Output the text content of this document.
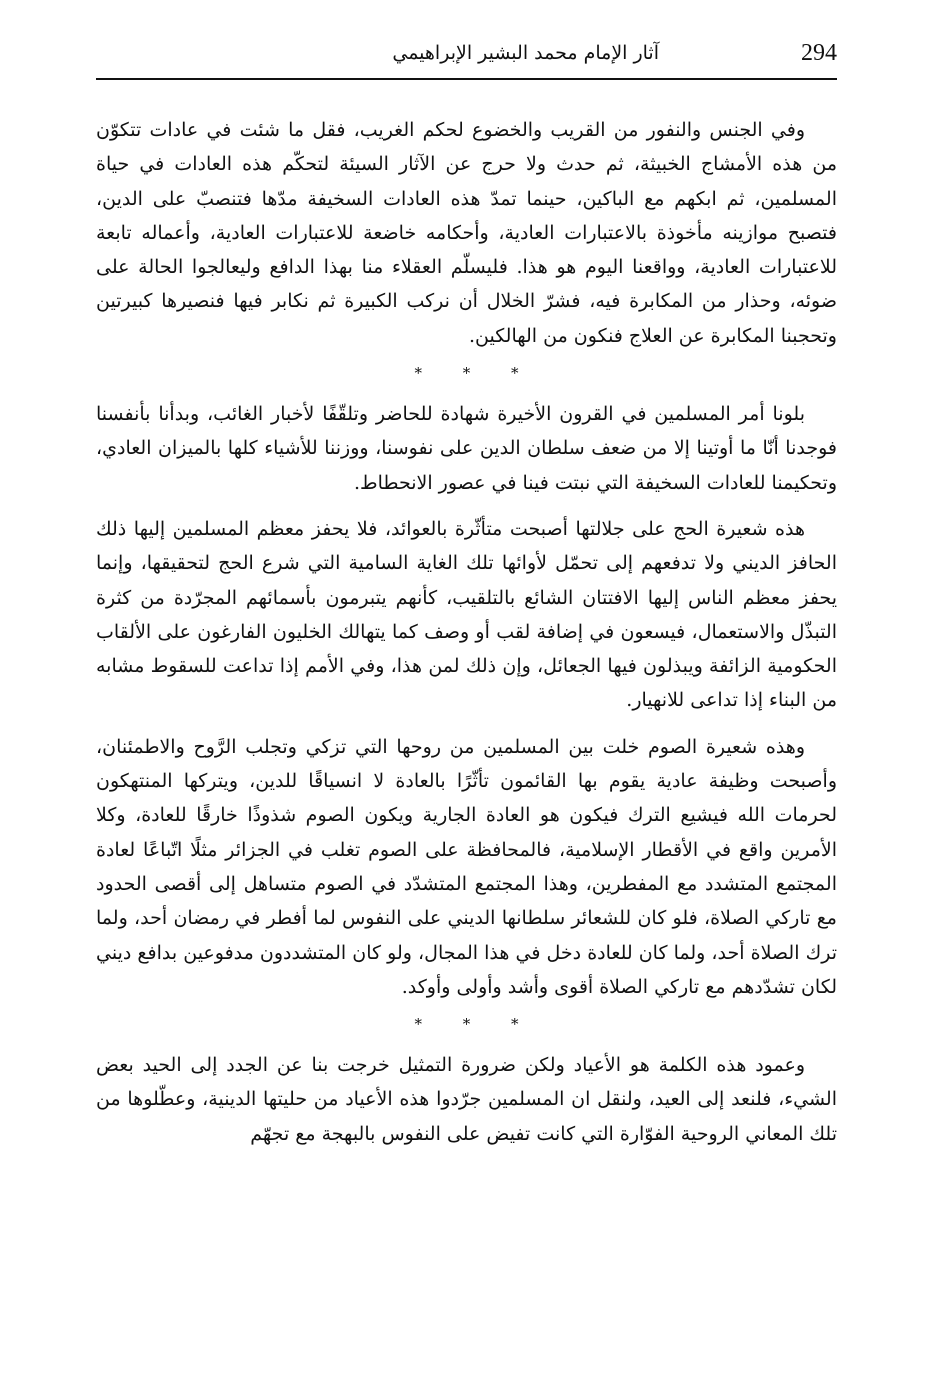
294
آثار الإمام محمد البشير الإبراهيمي

وفي الجنس والنفور من القريب والخضوع لحكم الغريب، فقل ما شئت في عادات تتكوّن من هذه الأمشاج الخبيثة، ثم حدث ولا حرج عن الآثار السيئة لتحكّم هذه العادات في حياة المسلمين، ثم ابكهم مع الباكين، حينما تمدّ هذه العادات السخيفة مدّها فتنصبّ على الدين، فتصبح موازينه مأخوذة بالاعتبارات العادية، وأحكامه خاضعة للاعتبارات العادية، وأعماله تابعة للاعتبارات العادية، وواقعنا اليوم هو هذا. فليسلّم العقلاء منا بهذا الدافع وليعالجوا الحالة على ضوئه، وحذار من المكابرة فيه، فشرّ الخلال أن نركب الكبيرة ثم نكابر فيها فنصيرها كبيرتين وتحجبنا المكابرة عن العلاج فنكون من الهالكين.

* * *

بلونا أمر المسلمين في القرون الأخيرة شهادة للحاضر وتلقّفًا لأخبار الغائب، وبدأنا بأنفسنا فوجدنا أنّا ما أوتينا إلا من ضعف سلطان الدين على نفوسنا، ووزننا للأشياء كلها بالميزان العادي، وتحكيمنا للعادات السخيفة التي نبتت فينا في عصور الانحطاط.

هذه شعيرة الحج على جلالتها أصبحت متأثّرة بالعوائد، فلا يحفز معظم المسلمين إليها ذلك الحافز الديني ولا تدفعهم إلى تحمّل لأوائها تلك الغاية السامية التي شرع الحج لتحقيقها، وإنما يحفز معظم الناس إليها الافتتان الشائع بالتلقيب، كأنهم يتبرمون بأسمائهم المجرّدة من كثرة التبذّل والاستعمال، فيسعون في إضافة لقب أو وصف كما يتهالك الخليون الفارغون على الألقاب الحكومية الزائفة ويبذلون فيها الجعائل، وإن ذلك لمن هذا، وفي الأمم إذا تداعت للسقوط مشابه من البناء إذا تداعى للانهيار.

وهذه شعيرة الصوم خلت بين المسلمين من روحها التي تزكي وتجلب الرَّوح والاطمئنان، وأصبحت وظيفة عادية يقوم بها القائمون تأثّرًا بالعادة لا انسياقًا للدين، ويتركها المنتهكون لحرمات الله فيشيع الترك فيكون هو العادة الجارية ويكون الصوم شذوذًا خارقًا للعادة، وكلا الأمرين واقع في الأقطار الإسلامية، فالمحافظة على الصوم تغلب في الجزائر مثلًا اتّباعًا لعادة المجتمع المتشدد مع المفطرين، وهذا المجتمع المتشدّد في الصوم متساهل إلى أقصى الحدود مع تاركي الصلاة، فلو كان للشعائر سلطانها الديني على النفوس لما أفطر في رمضان أحد، ولما ترك الصلاة أحد، ولما كان للعادة دخل في هذا المجال، ولو كان المتشددون مدفوعين بدافع ديني لكان تشدّدهم مع تاركي الصلاة أقوى وأشد وأولى وأوكد.

* * *

وعمود هذه الكلمة هو الأعياد ولكن ضرورة التمثيل خرجت بنا عن الجدد إلى الحيد بعض الشيء، فلنعد إلى العيد، ولنقل ان المسلمين جرّدوا هذه الأعياد من حليتها الدينية، وعطّلوها من تلك المعاني الروحية الفوّارة التي كانت تفيض على النفوس بالبهجة مع تجهّم
